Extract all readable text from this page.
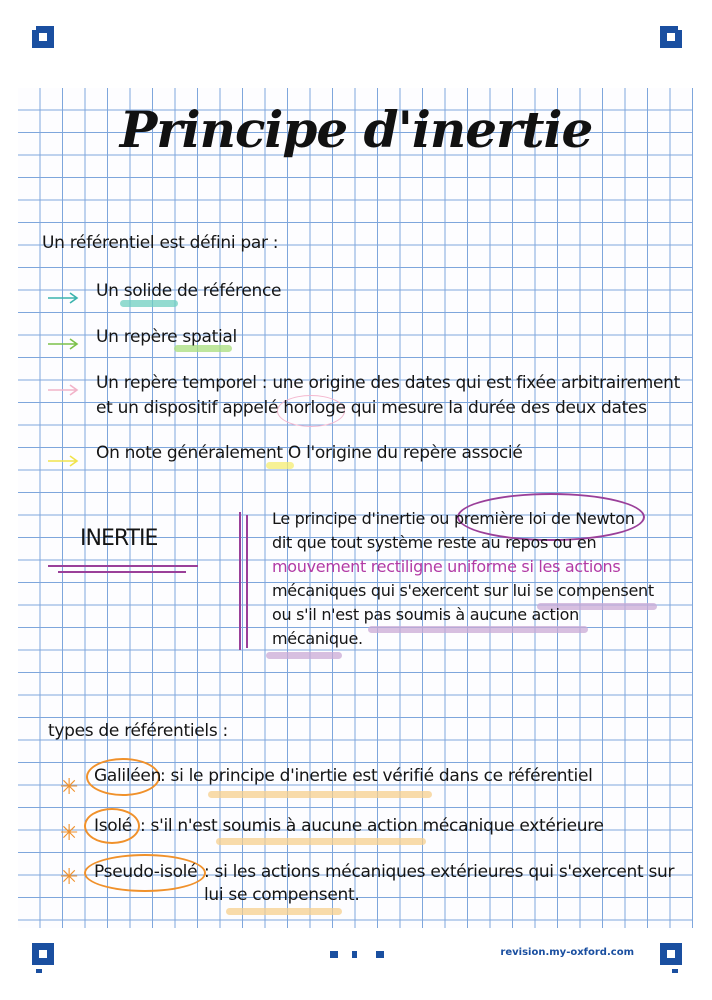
Principe d'inertie
Un référentiel est défini par :
Un solide de référence
Un repère spatial
Un repère temporel : une origine des dates qui est fixée arbitrairement
et un dispositif appelé horloge qui mesure la durée des deux dates
On note généralement O l'origine du repère associé
INERTIE
Le principe d'inertie ou première loi de Newton
dit que tout système reste au repos ou en
mouvement rectiligne uniforme si les actions
mécaniques qui s'exercent sur lui se compensent
ou s'il n'est pas soumis à aucune action
mécanique.
types de référentiels :
✳ Galiléen
: si le principe d'inertie est vérifié dans ce référentiel
✳ Isolé : s'il n'est soumis à aucune action mécanique extérieure
✳ Pseudo-isolé : si les actions mécaniques extérieures qui s'exercent sur
lui se compensent.
revision.my-oxford.com
